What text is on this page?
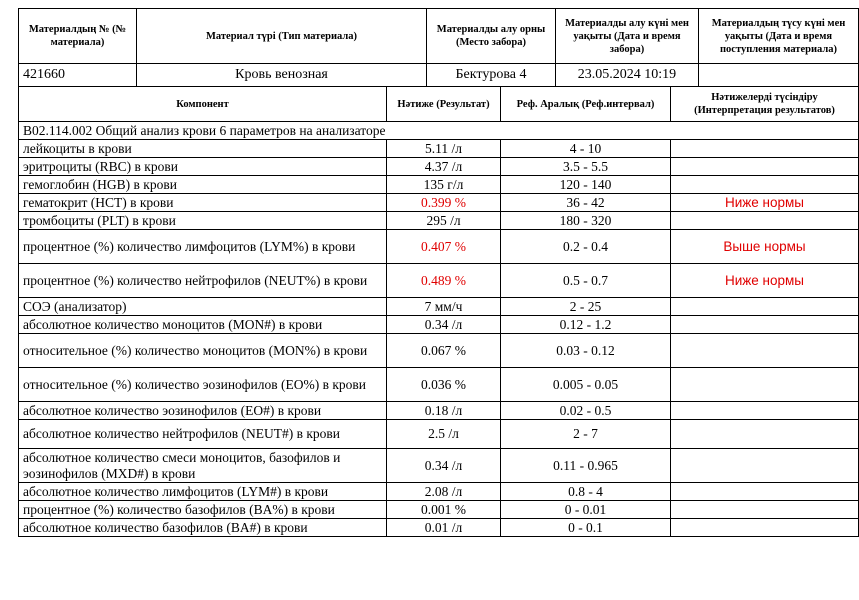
Материалдың № (№ материала)	Материал түрі (Тип материала)	Материалды алу орны (Место забора)	Материалды алу күні мен уақыты (Дата и время забора)	Материалдың түсу күні мен уақыты (Дата и время поступления материала)
421660	Кровь венозная	Бектурова 4	23.05.2024 10:19	
Компонент	Нәтиже (Результат)	Реф. Аралық (Реф.интервал)	Нәтижелерді түсіндіру (Интерпретация результатов)
В02.114.002 Общий анализ крови 6 параметров на анализаторе			
лейкоциты в крови	5.11 /л	4 - 10	
эритроциты (RBC) в крови	4.37 /л	3.5 - 5.5	
гемоглобин (HGB) в крови	135 г/л	120 - 140	
гематокрит (HCT) в крови	0.399 %	36 - 42	Ниже нормы
тромбоциты (PLT) в крови	295 /л	180 - 320	
процентное (%) количество лимфоцитов (LYM%) в крови	0.407 %	0.2 - 0.4	Выше нормы
процентное (%) количество нейтрофилов (NEUT%) в крови	0.489 %	0.5 - 0.7	Ниже нормы
СОЭ (анализатор)	7 мм/ч	2 - 25	
абсолютное количество моноцитов (MON#) в крови	0.34 /л	0.12 - 1.2	
относительное (%) количество моноцитов (MON%) в крови	0.067 %	0.03 - 0.12	
относительное (%) количество эозинофилов (EO%) в крови	0.036 %	0.005 - 0.05	
абсолютное количество эозинофилов (EO#) в крови	0.18 /л	0.02 - 0.5	
абсолютное количество нейтрофилов (NEUT#) в крови	2.5 /л	2 - 7	
абсолютное количество смеси моноцитов, базофилов и эозинофилов (MXD#) в крови	0.34 /л	0.11 - 0.965	
абсолютное количество лимфоцитов (LYM#) в крови	2.08 /л	0.8 - 4	
процентное (%) количество базофилов (BA%) в крови	0.001 %	0 - 0.01	
абсолютное количество базофилов (BA#) в крови	0.01 /л	0 - 0.1	
